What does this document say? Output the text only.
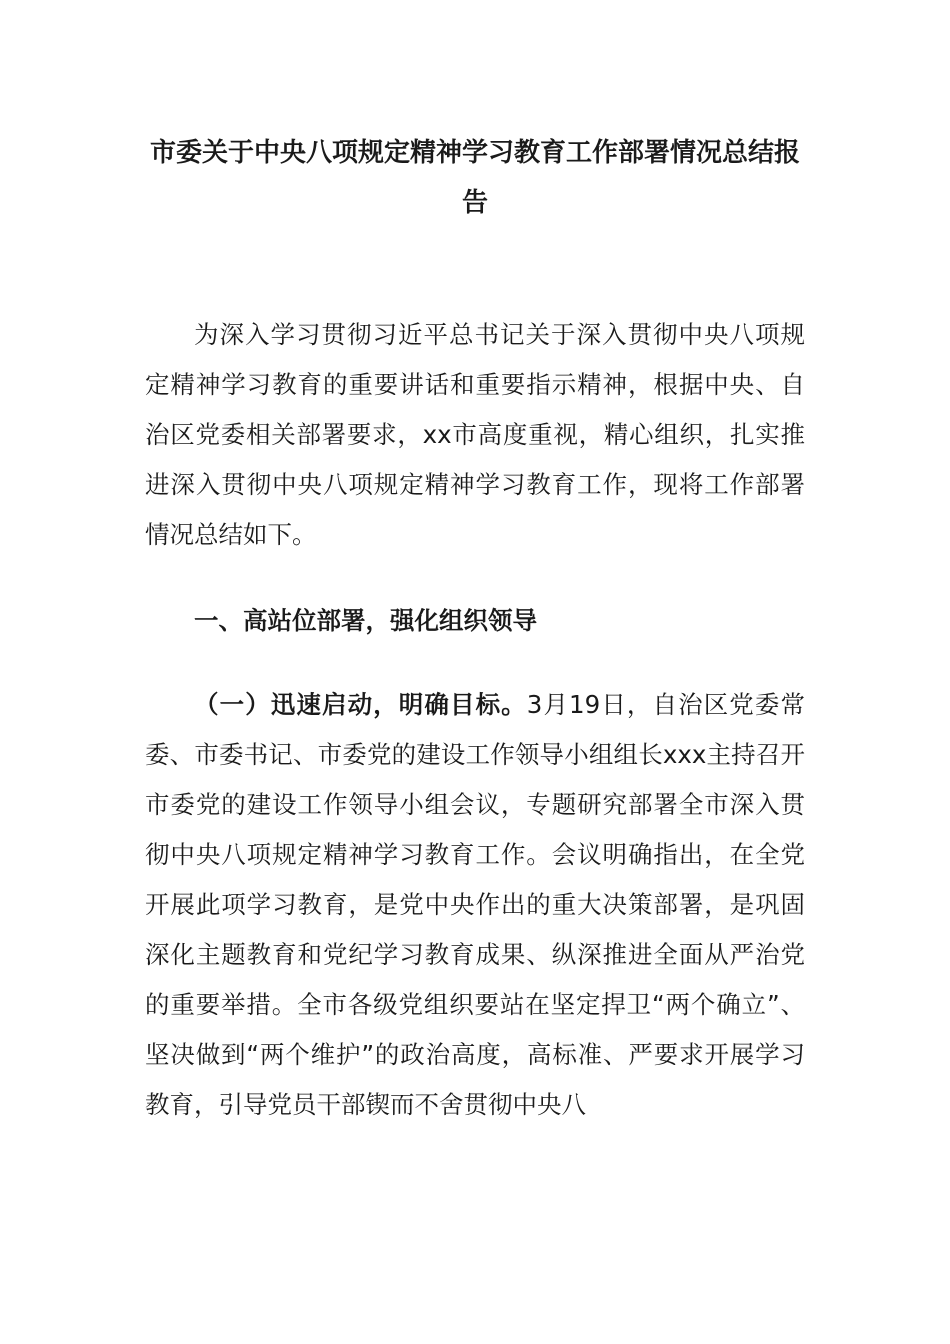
市委关于中央八项规定精神学习教育工作部署情况总结报告
为深入学习贯彻习近平总书记关于深入贯彻中央八项规定精神学习教育的重要讲话和重要指示精神，根据中央、自治区党委相关部署要求，xx市高度重视，精心组织，扎实推进深入贯彻中央八项规定精神学习教育工作，现将工作部署情况总结如下。
一、高站位部署，强化组织领导
（一）迅速启动，明确目标。3月19日，自治区党委常委、市委书记、市委党的建设工作领导小组组长xxx主持召开市委党的建设工作领导小组会议，专题研究部署全市深入贯彻中央八项规定精神学习教育工作。会议明确指出，在全党开展此项学习教育，是党中央作出的重大决策部署，是巩固深化主题教育和党纪学习教育成果、纵深推进全面从严治党的重要举措。全市各级党组织要站在坚定捍卫“两个确立”、坚决做到“两个维护”的政治高度，高标准、严要求开展学习教育，引导党员干部锲而不舍贯彻中央八
